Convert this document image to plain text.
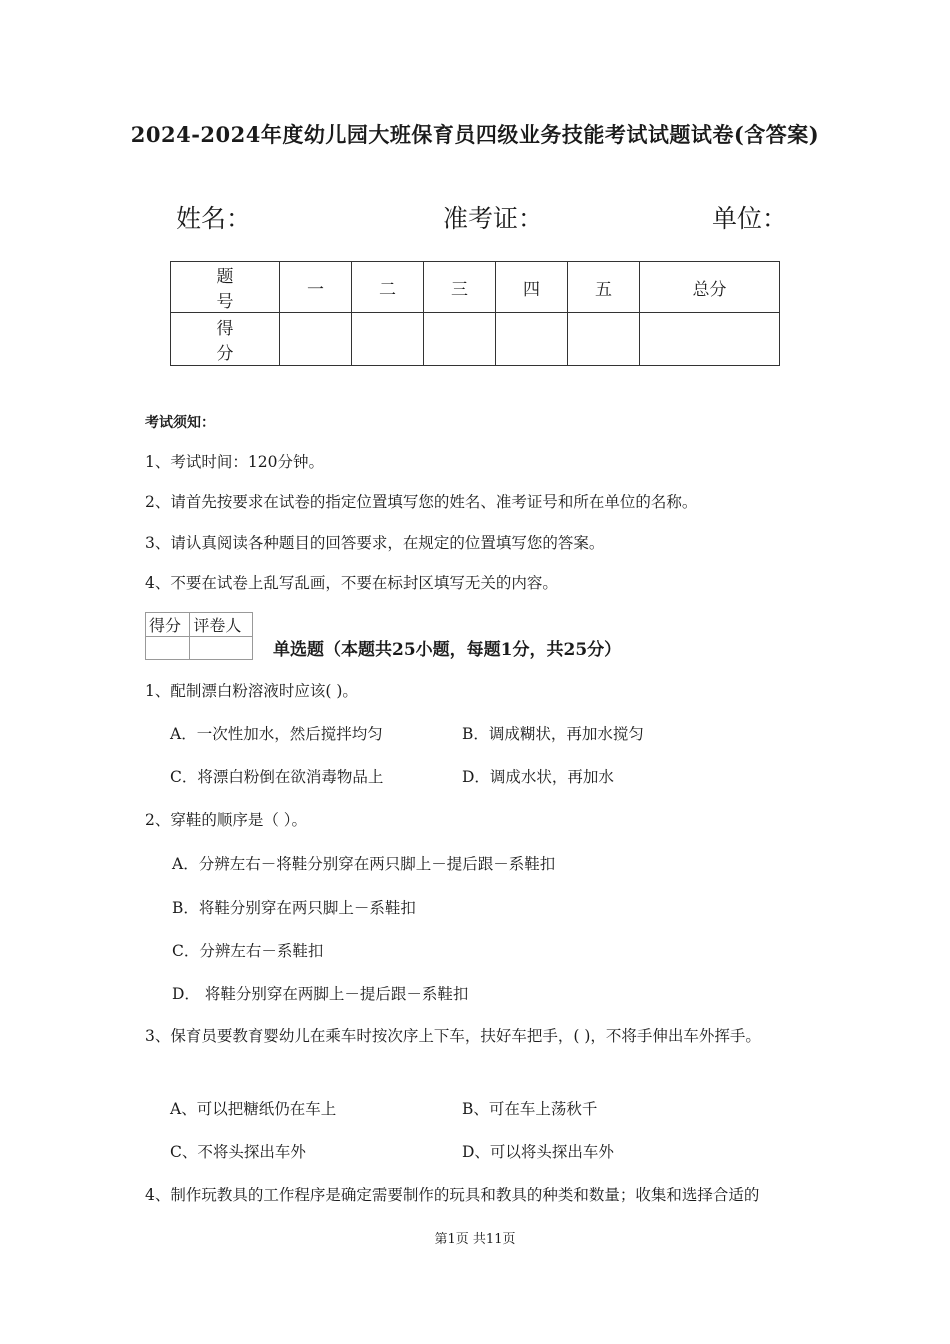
2024-2024年度幼儿园大班保育员四级业务技能考试试题试卷(含答案)
姓名：	准考证：	单位：
题 号	一	二	三	四	五	总分
得 分						
考试须知：
1、考试时间：120分钟。
2、请首先按要求在试卷的指定位置填写您的姓名、准考证号和所在单位的名称。
3、请认真阅读各种题目的回答要求，在规定的位置填写您的答案。
4、不要在试卷上乱写乱画，不要在标封区填写无关的内容。
得分	评卷人

单选题（本题共25小题，每题1分，共25分）
1、配制漂白粉溶液时应该( )。
A．一次性加水，然后搅拌均匀	B．调成糊状，再加水搅匀
C．将漂白粉倒在欲消毒物品上	D．调成水状，再加水
2、穿鞋的顺序是（ ）。
A．分辨左右－将鞋分别穿在两只脚上－提后跟－系鞋扣
B．将鞋分别穿在两只脚上－系鞋扣
C．分辨左右－系鞋扣
D． 将鞋分别穿在两脚上－提后跟－系鞋扣
3、保育员要教育婴幼儿在乘车时按次序上下车，扶好车把手，( )，不将手伸出车外挥手。
A、可以把糖纸仍在车上	B、可在车上荡秋千
C、不将头探出车外	D、可以将头探出车外
4、制作玩教具的工作程序是确定需要制作的玩具和教具的种类和数量；收集和选择合适的
第1页 共11页
